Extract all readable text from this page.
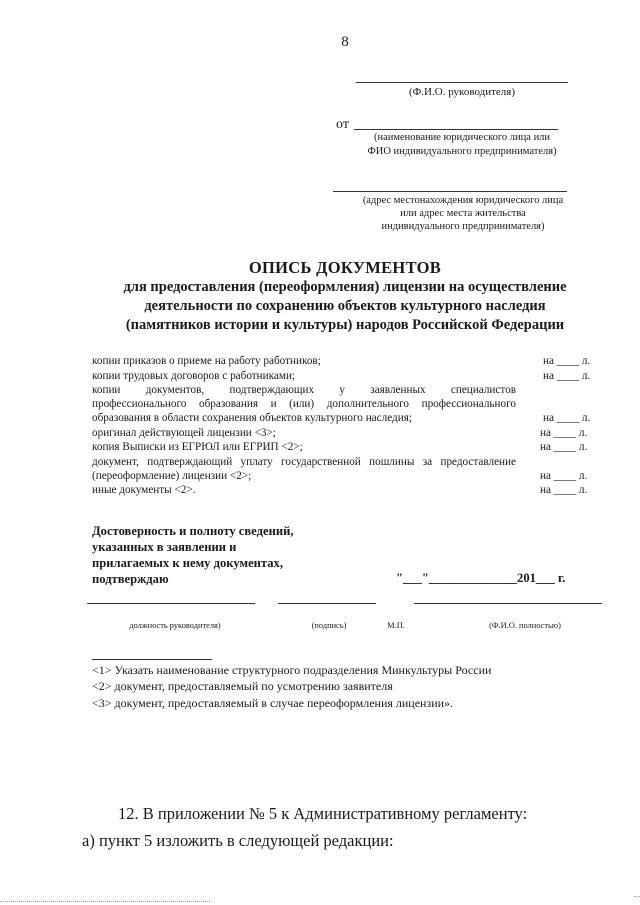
8
(Ф.И.О. руководителя)
от
(наименование юридического лица или
ФИО индивидуального предпринимателя)
(адрес местонахождения юридического лица
или адрес места жительства
индивидуального предпринимателя)
ОПИСЬ ДОКУМЕНТОВ
для предоставления (переоформления) лицензии на осуществление
деятельности по сохранению объектов культурного наследия
(памятников истории и культуры) народов Российской Федерации
копии приказов о приеме на работу работников;	на ____ л.
копии трудовых договоров с работниками;	на ____ л.
копии документов, подтверждающих у заявленных специалистов
профессионального образования и (или) дополнительного профессионального
образования в области сохранения объектов культурного наследия;	на ____ л.
оригинал действующей лицензии <3>;	на ____ л.
копия Выписки из ЕГРЮЛ или ЕГРИП <2>;	на ____ л.
документ, подтверждающий уплату государственной пошлины за предоставление
(переоформление) лицензии <2>;	на ____ л.
иные документы <2>.	на ____ л.
Достоверность и полноту сведений,
указанных в заявлении и
прилагаемых к нему документах,
подтверждаю	"___"______________201___ г.
должность руководителя)	(подпись)	М.П.	(Ф.И.О. полностью)
<1> Указать наименование структурного подразделения Минкультуры России
<2> документ, предоставляемый по усмотрению заявителя
<3> документ, предоставляемый в случае переоформления лицензии».
12. В приложении № 5 к Административному регламенту:
а) пункт 5 изложить в следующей редакции:
